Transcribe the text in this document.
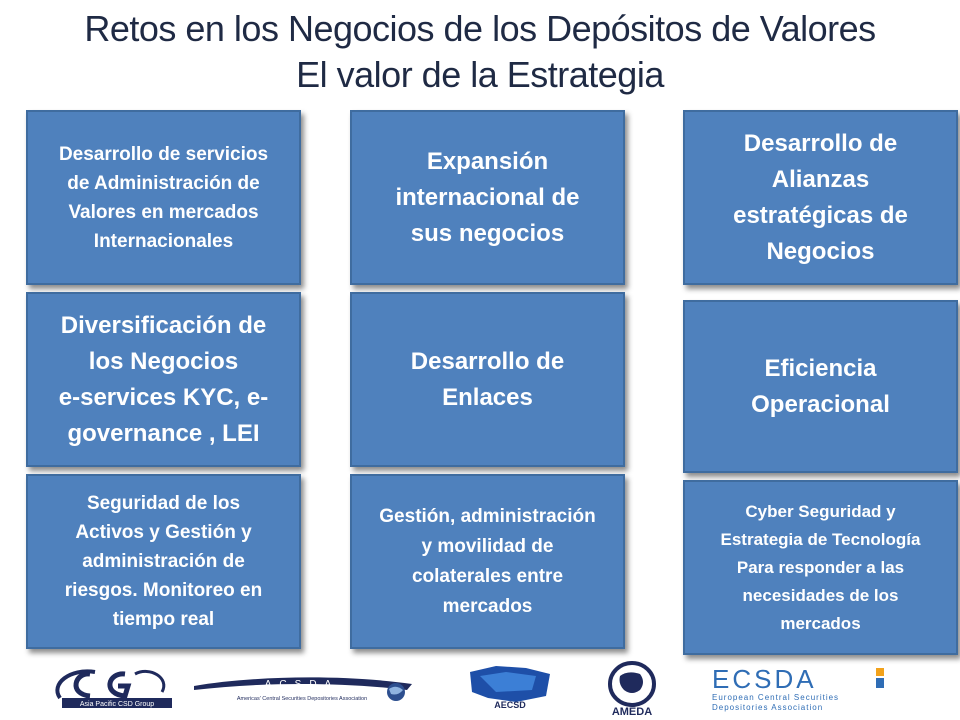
Retos en los Negocios de los Depósitos de Valores
El valor de la Estrategia
Desarrollo de servicios
de Administración de
Valores en mercados
Internacionales
Diversificación de
los Negocios
e-services KYC, e-
governance , LEI
Seguridad de los
Activos y Gestión y
administración de
riesgos. Monitoreo en
tiempo real
Expansión
internacional de
sus negocios
Desarrollo de
Enlaces
Gestión, administración
y movilidad de
colaterales entre
mercados
Desarrollo de
Alianzas
estratégicas de
Negocios
Eficiencia
Operacional
Cyber Seguridad y
Estrategia de Tecnología
Para responder a las
necesidades de los
mercados
Asia Pacific CSD Group
ACSDA
Americas' Central Securities Depositories Association
AECSD
AMEDA
ECSDA
European Central Securities
Depositories Association
